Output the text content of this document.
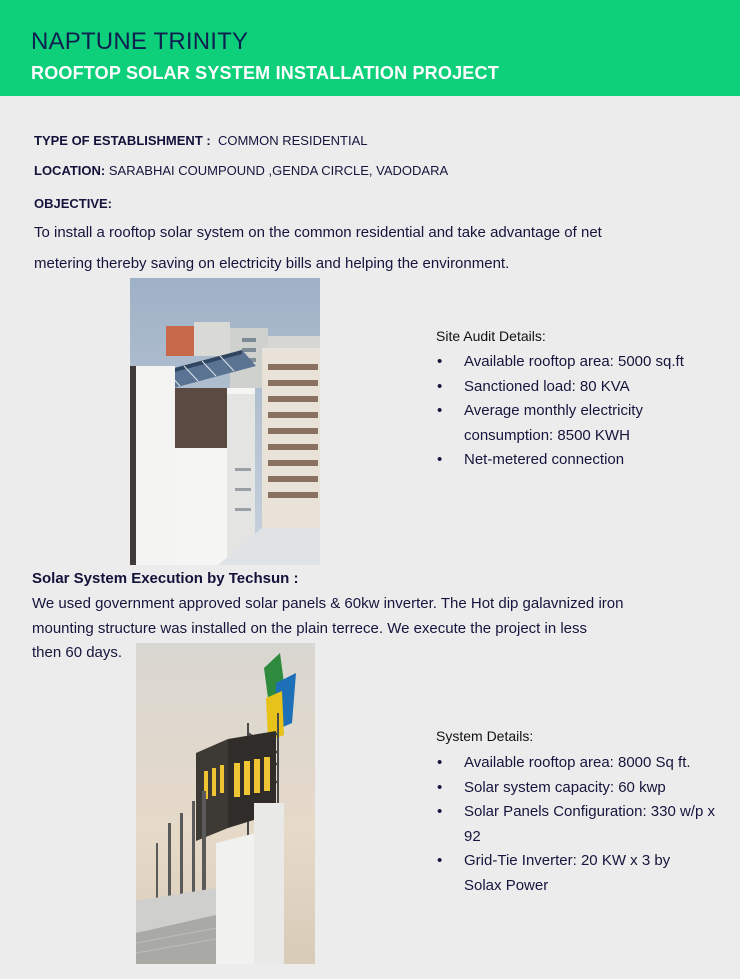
NAPTUNE TRINITY
ROOFTOP SOLAR SYSTEM INSTALLATION PROJECT
TYPE OF ESTABLISHMENT : COMMON RESIDENTIAL
LOCATION: SARABHAI COUMPOUND ,GENDA CIRCLE, VADODARA
OBJECTIVE:
To install a rooftop solar system on the common residential and take advantage of net
metering thereby saving on electricity bills and helping the environment.
Site Audit Details:
• Available rooftop area: 5000 sq.ft
• Sanctioned load: 80 KVA
• Average monthly electricity consumption: 8500 KWH
• Net-metered connection
Solar System Execution by Techsun :
We used government approved solar panels & 60kw inverter. The Hot dip galavnized iron
mounting structure was installed on the plain terrece. We execute the project in less
then 60 days.
System Details:
• Available rooftop area: 8000 Sq ft.
• Solar system capacity: 60 kwp
• Solar Panels Configuration: 330 w/p x 92
• Grid-Tie Inverter: 20 KW x 3 by Solax Power
